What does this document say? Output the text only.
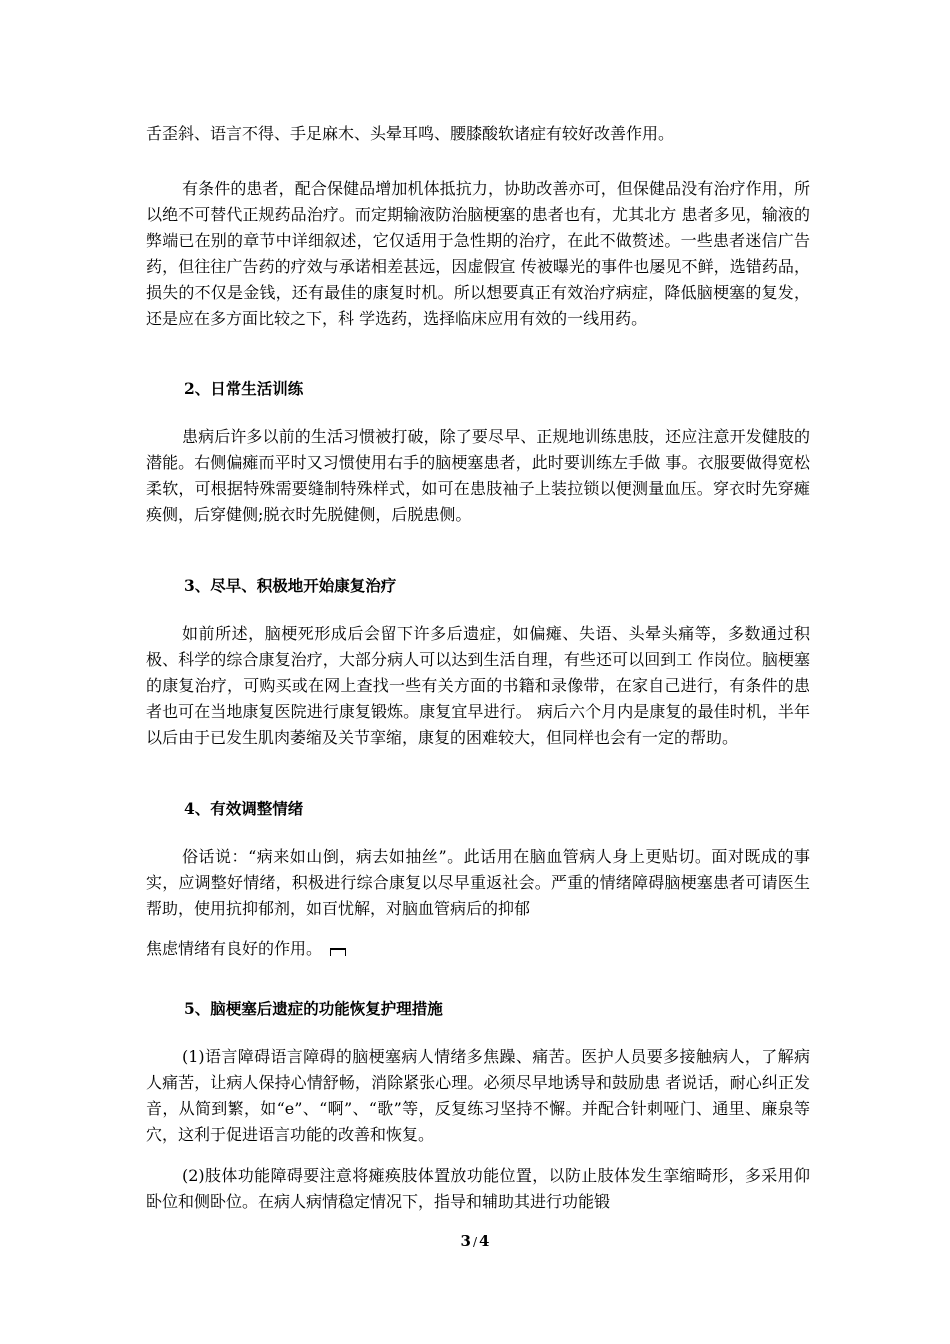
舌歪斜、语言不得、手足麻木、头晕耳鸣、腰膝酸软诸症有较好改善作用。
有条件的患者，配合保健品增加机体抵抗力，协助改善亦可，但保健品没有治疗作用，所以绝不可替代正规药品治疗。而定期输液防治脑梗塞的患者也有，尤其北方 患者多见，输液的弊端已在别的章节中详细叙述，它仅适用于急性期的治疗，在此不做赘述。一些患者迷信广告药，但往往广告药的疗效与承诺相差甚远，因虚假宣 传被曝光的事件也屡见不鲜，选错药品，损失的不仅是金钱，还有最佳的康复时机。所以想要真正有效治疗病症，降低脑梗塞的复发，还是应在多方面比较之下，科 学选药，选择临床应用有效的一线用药。
2、日常生活训练
患病后许多以前的生活习惯被打破，除了要尽早、正规地训练患肢，还应注意开发健肢的潜能。右侧偏瘫而平时又习惯使用右手的脑梗塞患者，此时要训练左手做 事。衣服要做得宽松柔软，可根据特殊需要缝制特殊样式，如可在患肢袖子上装拉锁以便测量血压。穿衣时先穿瘫痪侧，后穿健侧;脱衣时先脱健侧，后脱患侧。
3、尽早、积极地开始康复治疗
如前所述，脑梗死形成后会留下许多后遗症，如偏瘫、失语、头晕头痛等，多数通过积极、科学的综合康复治疗，大部分病人可以达到生活自理，有些还可以回到工 作岗位。脑梗塞的康复治疗，可购买或在网上查找一些有关方面的书籍和录像带，在家自己进行，有条件的患者也可在当地康复医院进行康复锻炼。康复宜早进行。 病后六个月内是康复的最佳时机，半年以后由于已发生肌肉萎缩及关节挛缩，康复的困难较大，但同样也会有一定的帮助。
4、有效调整情绪
俗话说：“病来如山倒，病去如抽丝”。此话用在脑血管病人身上更贴切。面对既成的事实，应调整好情绪，积极进行综合康复以尽早重返社会。严重的情绪障碍脑梗塞患者可请医生帮助，使用抗抑郁剂，如百忧解，对脑血管病后的抑郁
焦虑情绪有良好的作用。
5、脑梗塞后遗症的功能恢复护理措施
(1)语言障碍语言障碍的脑梗塞病人情绪多焦躁、痛苦。医护人员要多接触病人，了解病人痛苦，让病人保持心情舒畅，消除紧张心理。必须尽早地诱导和鼓励患 者说话，耐心纠正发音，从简到繁，如“e”、“啊”、“歌”等，反复练习坚持不懈。并配合针刺哑门、通里、廉泉等穴，这利于促进语言功能的改善和恢复。
(2)肢体功能障碍要注意将瘫痪肢体置放功能位置，以防止肢体发生挛缩畸形，多采用仰卧位和侧卧位。在病人病情稳定情况下，指导和辅助其进行功能锻
3 / 4
